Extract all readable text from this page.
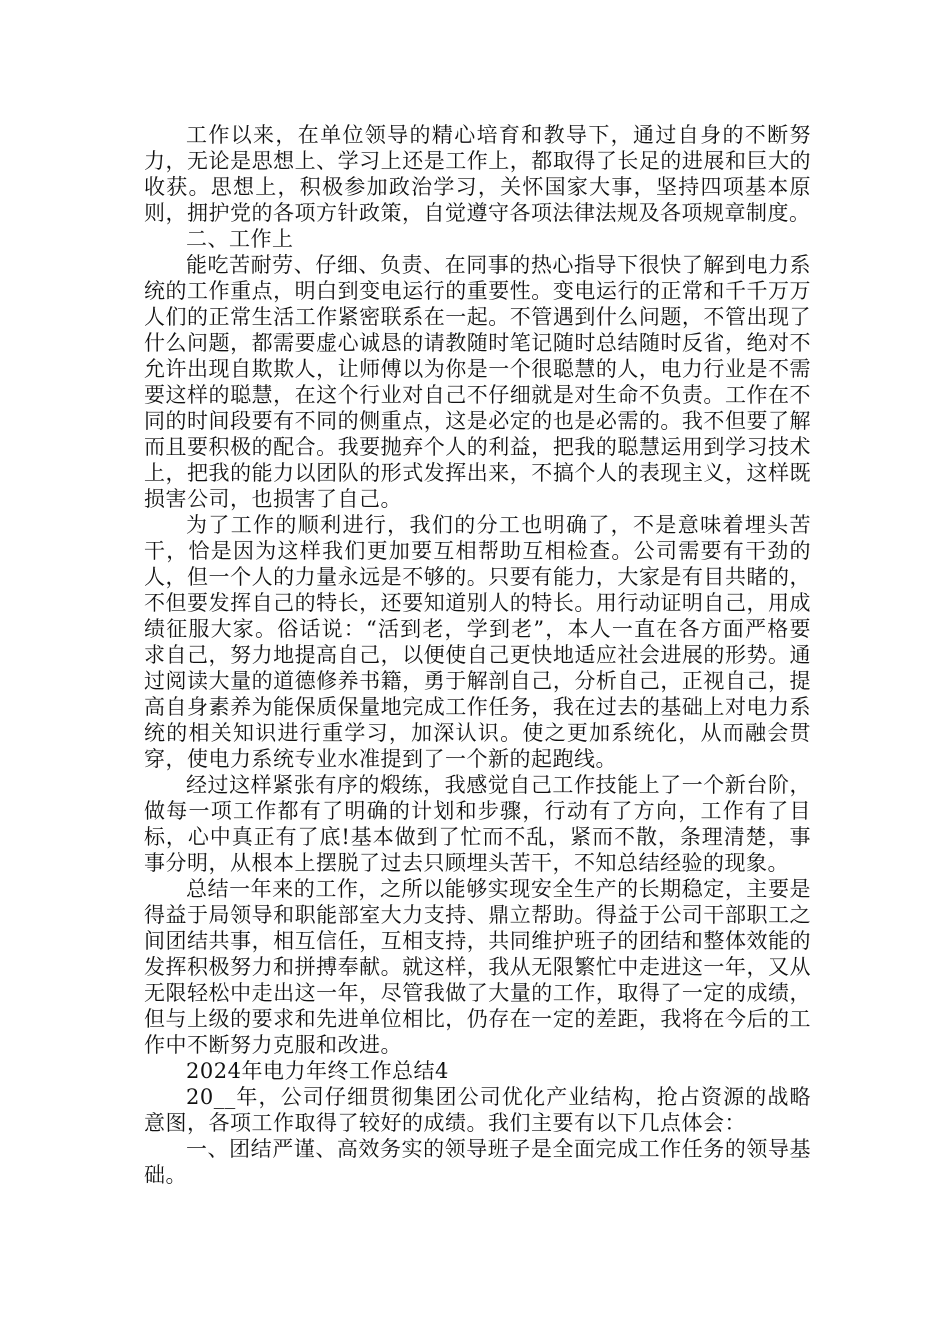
工作以来，在单位领导的精心培育和教导下，通过自身的不断努力，无论是思想上、学习上还是工作上，都取得了长足的进展和巨大的收获。思想上，积极参加政治学习，关怀国家大事，坚持四项基本原则，拥护党的各项方针政策，自觉遵守各项法律法规及各项规章制度。

二、工作上

能吃苦耐劳、仔细、负责、在同事的热心指导下很快了解到电力系统的工作重点，明白到变电运行的重要性。变电运行的正常和千千万万人们的正常生活工作紧密联系在一起。不管遇到什么问题，不管出现了什么问题，都需要虚心诚恳的请教随时笔记随时总结随时反省，绝对不允许出现自欺欺人，让师傅以为你是一个很聪慧的人，电力行业是不需要这样的聪慧，在这个行业对自己不仔细就是对生命不负责。工作在不同的时间段要有不同的侧重点，这是必定的也是必需的。我不但要了解而且要积极的配合。我要抛弃个人的利益，把我的聪慧运用到学习技术上，把我的能力以团队的形式发挥出来，不搞个人的表现主义，这样既损害公司，也损害了自己。

为了工作的顺利进行，我们的分工也明确了，不是意味着埋头苦干，恰是因为这样我们更加要互相帮助互相检查。公司需要有干劲的人，但一个人的力量永远是不够的。只要有能力，大家是有目共睹的，不但要发挥自己的特长，还要知道别人的特长。用行动证明自己，用成绩征服大家。俗话说：“活到老，学到老”，本人一直在各方面严格要求自己，努力地提高自己，以便使自己更快地适应社会进展的形势。通过阅读大量的道德修养书籍，勇于解剖自己，分析自己，正视自己，提高自身素养为能保质保量地完成工作任务，我在过去的基础上对电力系统的相关知识进行重学习，加深认识。使之更加系统化，从而融会贯穿，使电力系统专业水准提到了一个新的起跑线。

经过这样紧张有序的煅练，我感觉自己工作技能上了一个新台阶，做每一项工作都有了明确的计划和步骤，行动有了方向，工作有了目标，心中真正有了底!基本做到了忙而不乱，紧而不散，条理清楚，事事分明，从根本上摆脱了过去只顾埋头苦干，不知总结经验的现象。

总结一年来的工作，之所以能够实现安全生产的长期稳定，主要是得益于局领导和职能部室大力支持、鼎立帮助。得益于公司干部职工之间团结共事，相互信任，互相支持，共同维护班子的团结和整体效能的发挥积极努力和拼搏奉献。就这样，我从无限繁忙中走进这一年，又从无限轻松中走出这一年，尽管我做了大量的工作，取得了一定的成绩，但与上级的要求和先进单位相比，仍存在一定的差距，我将在今后的工作中不断努力克服和改进。

2024年电力年终工作总结4

20__年，公司仔细贯彻集团公司优化产业结构，抢占资源的战略意图，各项工作取得了较好的成绩。我们主要有以下几点体会：

一、团结严谨、高效务实的领导班子是全面完成工作任务的领导基础。
